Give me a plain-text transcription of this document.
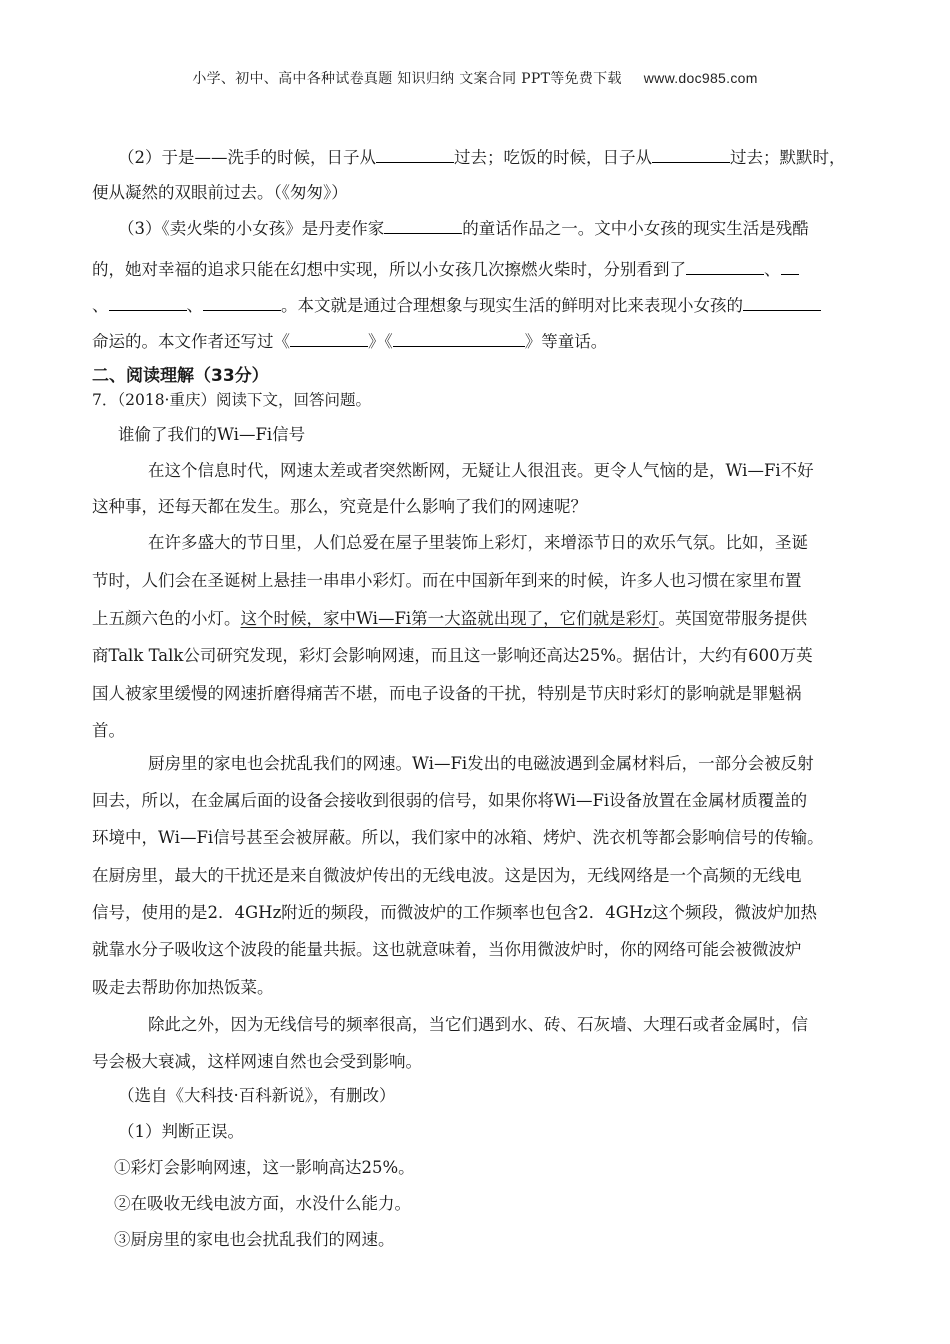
小学、初中、高中各种试卷真题 知识归纳 文案合同 PPT等免费下载 www.doc985.com
（2）于是——洗手的时候，日子从	过去；吃饭的时候，日子从	过去；默默时，
便从凝然的双眼前过去。（《匆匆》）
（3）《卖火柴的小女孩》是丹麦作家	的童话作品之一。文中小女孩的现实生活是残酷
的，她对幸福的追求只能在幻想中实现，所以小女孩几次擦燃火柴时，分别看到了	、
、	、	。本文就是通过合理想象与现实生活的鲜明对比来表现小女孩的
命运的。本文作者还写过《	》《	》等童话。
二、阅读理解（33分）
7．（2018·重庆）阅读下文，回答问题。
谁偷了我们的Wi—Fi信号
在这个信息时代，网速太差或者突然断网，无疑让人很沮丧。更令人气恼的是，Wi—Fi不好
这种事，还每天都在发生。那么，究竟是什么影响了我们的网速呢？
在许多盛大的节日里，人们总爱在屋子里装饰上彩灯，来增添节日的欢乐气氛。比如，圣诞
节时，人们会在圣诞树上悬挂一串串小彩灯。而在中国新年到来的时候，许多人也习惯在家里布置
上五颜六色的小灯。这个时候，家中Wi—Fi第一大盗就出现了，它们就是彩灯。英国宽带服务提供
商Talk Talk公司研究发现，彩灯会影响网速，而且这一影响还高达25%。据估计，大约有600万英
国人被家里缓慢的网速折磨得痛苦不堪，而电子设备的干扰，特别是节庆时彩灯的影响就是罪魁祸
首。
厨房里的家电也会扰乱我们的网速。Wi—Fi发出的电磁波遇到金属材料后，一部分会被反射
回去，所以，在金属后面的设备会接收到很弱的信号，如果你将Wi—Fi设备放置在金属材质覆盖的
环境中，Wi—Fi信号甚至会被屏蔽。所以，我们家中的冰箱、烤炉、洗衣机等都会影响信号的传输。
在厨房里，最大的干扰还是来自微波炉传出的无线电波。这是因为，无线网络是一个高频的无线电
信号，使用的是2．4GHz附近的频段，而微波炉的工作频率也包含2．4GHz这个频段，微波炉加热
就靠水分子吸收这个波段的能量共振。这也就意味着，当你用微波炉时，你的网络可能会被微波炉
吸走去帮助你加热饭菜。
除此之外，因为无线信号的频率很高，当它们遇到水、砖、石灰墙、大理石或者金属时，信
号会极大衰减，这样网速自然也会受到影响。
（选自《大科技·百科新说》，有删改）
（1）判断正误。
①彩灯会影响网速，这一影响高达25%。
②在吸收无线电波方面，水没什么能力。
③厨房里的家电也会扰乱我们的网速。
